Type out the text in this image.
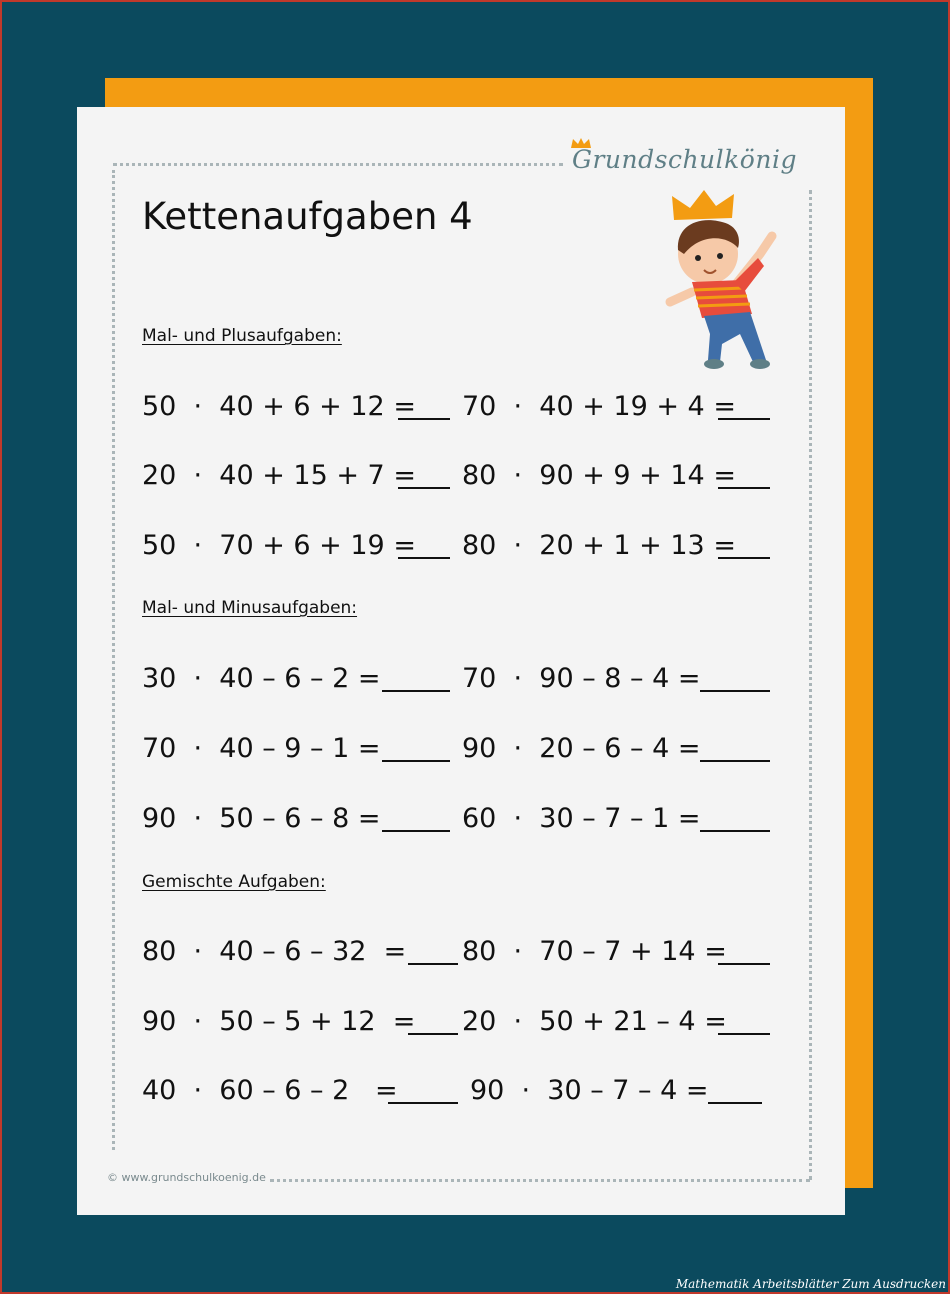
Grundschulkönig
Kettenaufgaben 4
Mal- und Plusaufgaben:
50  ·  40 + 6 + 12 = 70  ·  40 + 19 + 4 =
20  ·  40 + 15 + 7 = 80  ·  90 + 9 + 14 =
50  ·  70 + 6 + 19 = 80  ·  20 + 1 + 13 =
Mal- und Minusaufgaben:
30  ·  40 – 6 – 2 =	70  ·  90 – 8 – 4 =
70  ·  40 – 9 – 1 =	90  ·  20 – 6 – 4 =
90  ·  50 – 6 – 8 =	60  ·  30 – 7 – 1 =
Gemischte Aufgaben:
80  ·  40 – 6 – 32  = 80  ·  70 – 7 + 14 =
90  ·  50 – 5 + 12  = 20  ·  50 + 21 – 4 =
40  ·  60 – 6 – 2   =	90  ·  30 – 7 – 4 =
© www.grundschulkoenig.de
Mathematik Arbeitsblätter Zum Ausdrucken
